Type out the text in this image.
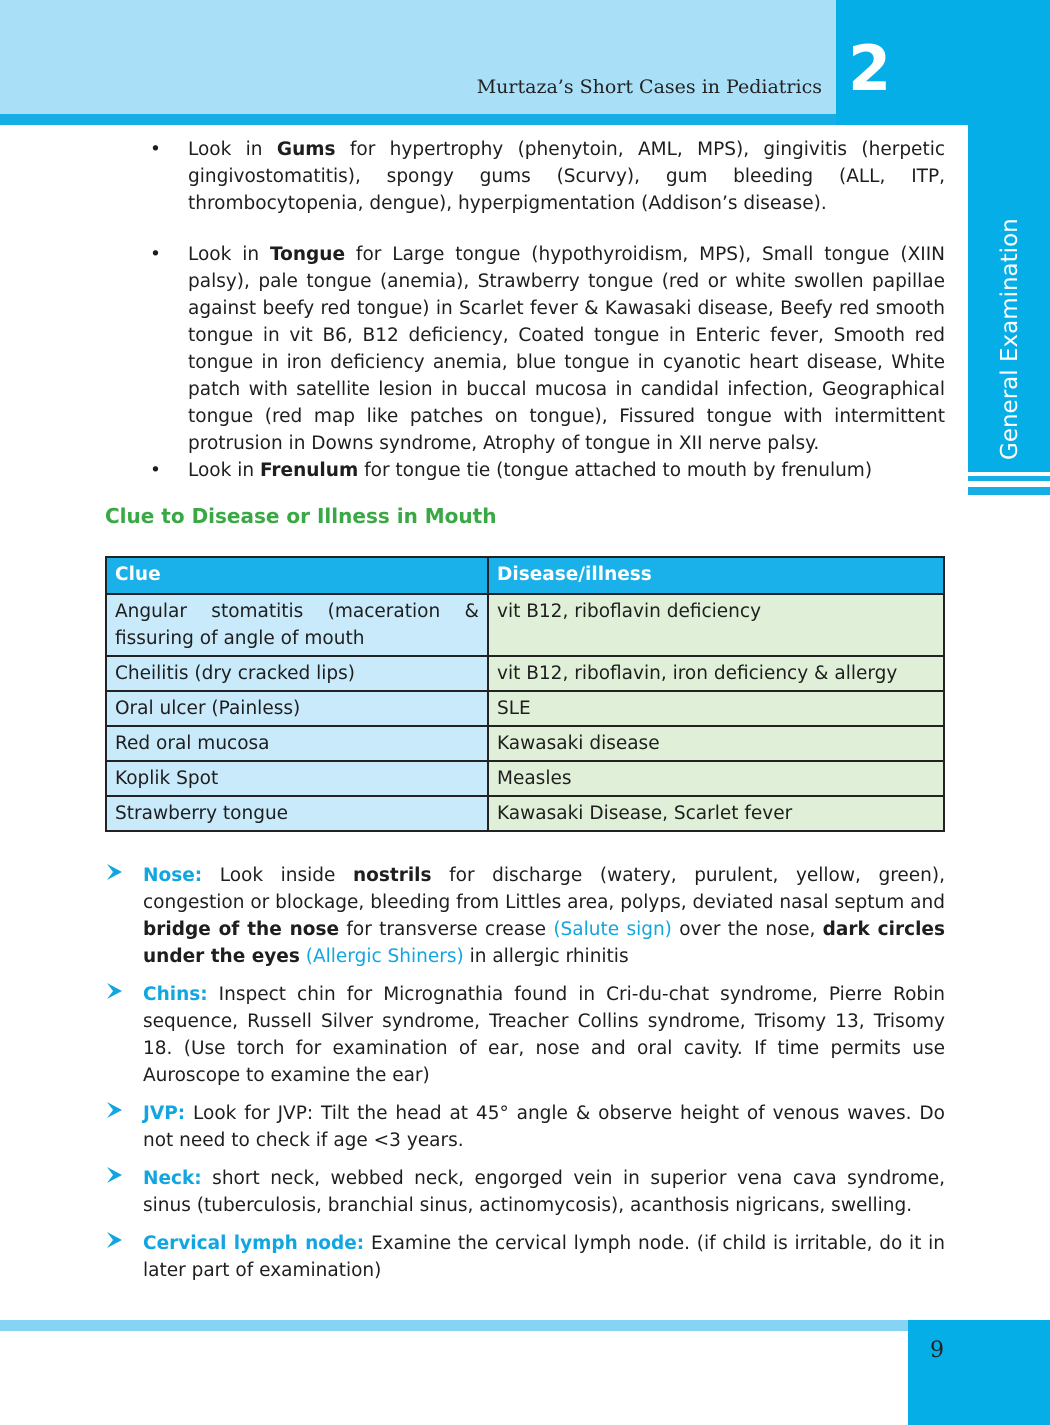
2
Murtaza’s Short Cases in Pediatrics
General Examination

• Look in Gums for hypertrophy (phenytoin, AML, MPS), gingivitis (herpetic gingivostomatitis), spongy gums (Scurvy), gum bleeding (ALL, ITP, thrombocytopenia, dengue), hyperpigmentation (Addison’s disease).

• Look in Tongue for Large tongue (hypothyroidism, MPS), Small tongue (XIIN palsy), pale tongue (anemia), Strawberry tongue (red or white swollen papillae against beefy red tongue) in Scarlet fever & Kawasaki disease, Beefy red smooth tongue in vit B6, B12 deficiency, Coated tongue in Enteric fever, Smooth red tongue in iron deficiency anemia, blue tongue in cyanotic heart disease, White patch with satellite lesion in buccal mucosa in candidal infection, Geographical tongue (red map like patches on tongue), Fissured tongue with intermittent protrusion in Downs syndrome, Atrophy of tongue in XII nerve palsy.

• Look in Frenulum for tongue tie (tongue attached to mouth by frenulum)

Clue to Disease or Illness in Mouth
Clue	Disease/illness
Angular stomatitis (maceration & fissuring of angle of mouth	vit B12, riboflavin deficiency
Cheilitis (dry cracked lips)	vit B12, riboflavin, iron deficiency & allergy
Oral ulcer (Painless)	SLE
Red oral mucosa	Kawasaki disease
Koplik Spot	Measles
Strawberry tongue	Kawasaki Disease, Scarlet fever

Nose: Look inside nostrils for discharge (watery, purulent, yellow, green), congestion or blockage, bleeding from Littles area, polyps, deviated nasal septum and bridge of the nose for transverse crease (Salute sign) over the nose, dark circles under the eyes (Allergic Shiners) in allergic rhinitis

Chins: Inspect chin for Micrognathia found in Cri-du-chat syndrome, Pierre Robin sequence, Russell Silver syndrome, Treacher Collins syndrome, Trisomy 13, Trisomy 18. (Use torch for examination of ear, nose and oral cavity. If time permits use Auroscope to examine the ear)

JVP: Look for JVP: Tilt the head at 45° angle & observe height of venous waves. Do not need to check if age <3 years.

Neck: short neck, webbed neck, engorged vein in superior vena cava syndrome, sinus (tuberculosis, branchial sinus, actinomycosis), acanthosis nigricans, swelling.

Cervical lymph node: Examine the cervical lymph node. (if child is irritable, do it in later part of examination)

9
